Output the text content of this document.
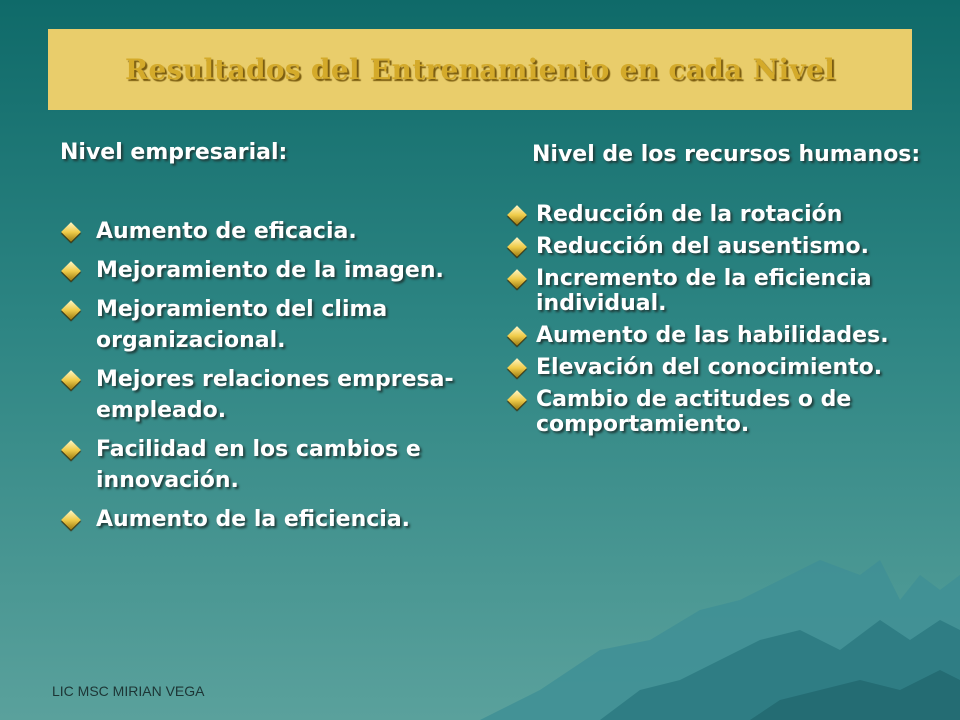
Resultados del Entrenamiento en cada Nivel
Nivel empresarial:
Aumento de eficacia.
Mejoramiento de la imagen.
Mejoramiento del clima organizacional.
Mejores relaciones empresa-empleado.
Facilidad en los cambios e innovación.
Aumento de la eficiencia.
Nivel de los recursos humanos:
Reducción de la rotación
Reducción del ausentismo.
Incremento de la eficiencia individual.
Aumento de las habilidades.
Elevación del conocimiento.
Cambio de actitudes o de comportamiento.
LIC MSC MIRIAN VEGA
